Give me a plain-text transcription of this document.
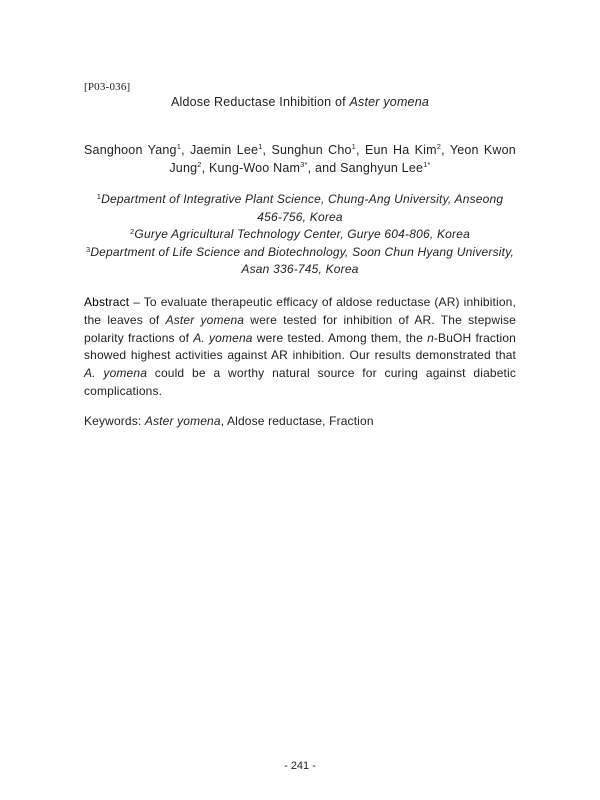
[P03-036]
Aldose Reductase Inhibition of Aster yomena
Sanghoon Yang$^1$, Jaemin Lee$^1$, Sunghun Cho$^1$, Eun Ha Kim$^2$, Yeon Kwon Jung$^2$, Kung-Woo Nam$^{3*}$, and Sanghyun Lee$^{1*}$
$^1$Department of Integrative Plant Science, Chung-Ang University, Anseong 456-756, Korea
$^2$Gurye Agricultural Technology Center, Gurye 604-806, Korea
$^3$Department of Life Science and Biotechnology, Soon Chun Hyang University, Asan 336-745, Korea
Abstract – To evaluate therapeutic efficacy of aldose reductase (AR) inhibition, the leaves of Aster yomena were tested for inhibition of AR. The stepwise polarity fractions of A. yomena were tested. Among them, the n-BuOH fraction showed highest activities against AR inhibition. Our results demonstrated that A. yomena could be a worthy natural source for curing against diabetic complications.
Keywords: Aster yomena, Aldose reductase, Fraction
- 241 -
